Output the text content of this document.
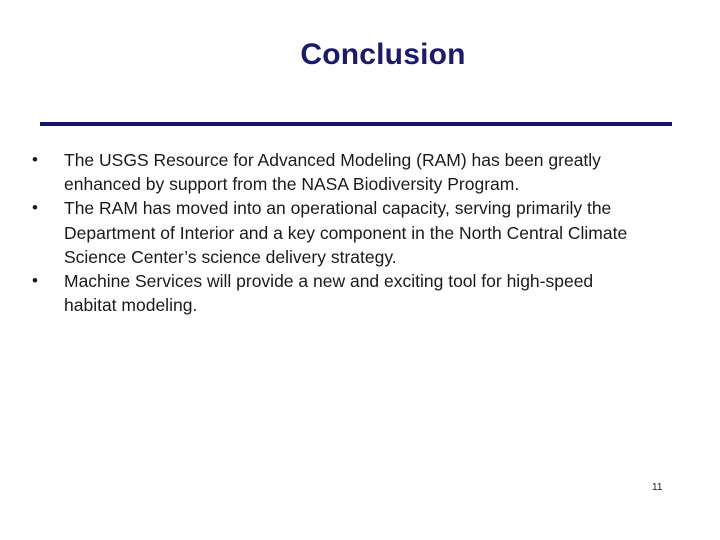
Conclusion
•	The USGS Resource for Advanced Modeling (RAM) has been greatly enhanced by support from the NASA Biodiversity Program.
•	The RAM has moved into an operational capacity, serving primarily the Department of Interior and a key component in the North Central Climate Science Center’s science delivery strategy.
•	Machine Services will provide a new and exciting tool for high-speed habitat modeling.
11
